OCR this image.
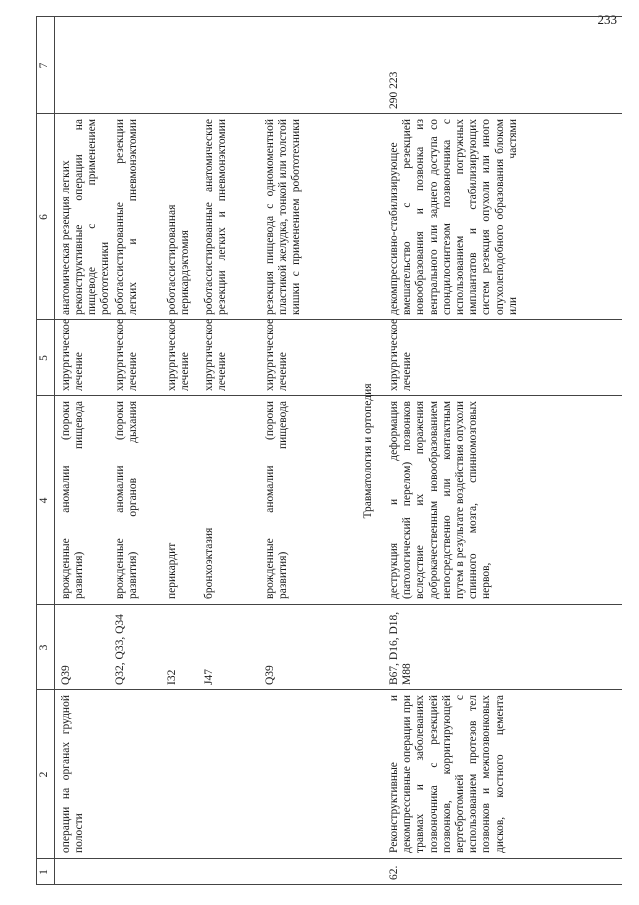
233
1
2
3
4
5
6
7
операции на органах грудной полости
Q39
врожденные аномалии (пороки развития) пищевода
хирургическое лечение
анатомическая резекция легких реконструктивные операции на пищеводе с применением робототехники
Q32, Q33, Q34
врожденные аномалии (пороки развития) органов дыхания
хирургическое лечение
роботассистированные резекции легких и пневмонэктомии
I32
перикардит
хирургическое лечение
роботассистированная перикардэктомия
J47
бронхоэктазия
хирургическое лечение
роботассистированные анатомические резекции легких и пневмонэктомии
Q39
врожденные аномалии (пороки развития) пищевода
хирургическое лечение
резекция пищевода с одномоментной пластикой желудка, тонкой или толстой кишки с применением робототехники
Травматология и ортопедия
62.
Реконструктивные и декомпрессивные операции при травмах и заболеваниях позвоночника с резекцией позвонков, корригирующей вертебротомией с использованием протезов тел позвонков и межпозвонковых дисков, костного цемента
B67, D16, D18, M88
деструкция и деформация (патологический перелом) позвонков вследствие их поражения доброкачественным новообразованием непосредственно или контактным путем в результате воздействия опухоли спинного мозга, спинномозговых нервов,
хирургическое лечение
декомпрессивно-стабилизирующее вмешательство с резекцией новообразования и позвонка из вентрального или заднего доступа со спондилосинтезом позвоночника с использованием погружных имплантатов и стабилизирующих систем резекция опухоли или иного опухолеподобного образования блоком или частями
290 223
